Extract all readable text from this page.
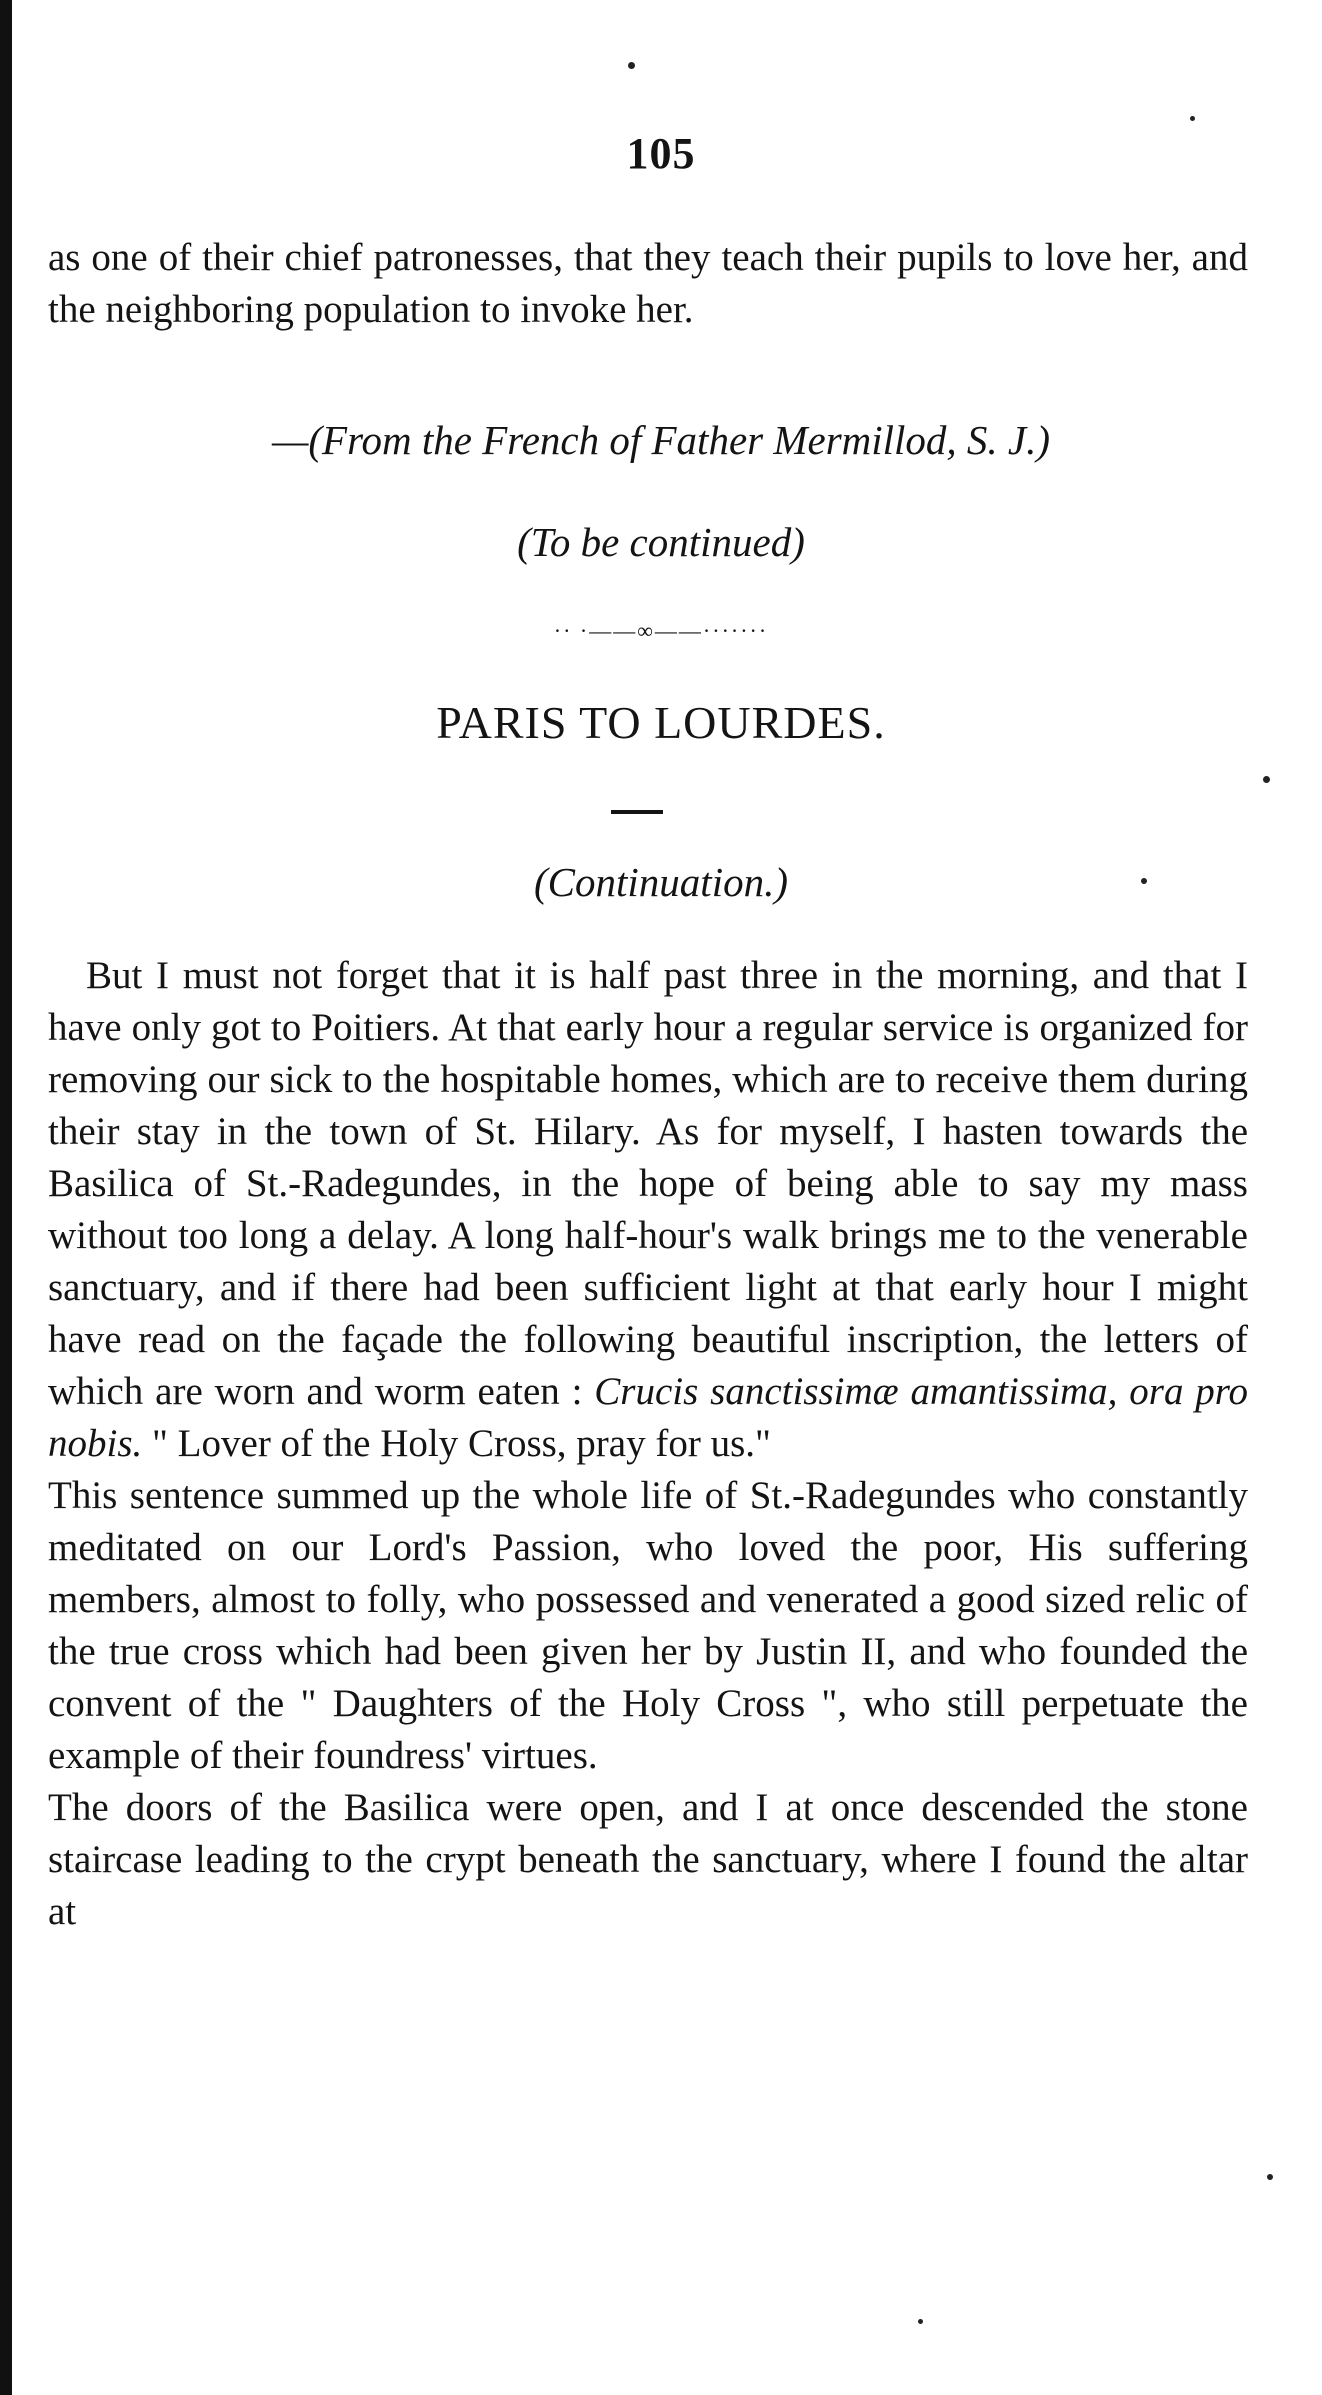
105

as one of their chief patronesses, that they teach their pupils to love her, and the neighboring population to invoke her.

—(From the French of Father Mermillod, S. J.)
(To be continued)
·· ·——∞——·······
PARIS TO LOURDES.
(Continuation.)

But I must not forget that it is half past three in the morning, and that I have only got to Poitiers. At that early hour a regular service is organized for removing our sick to the hospitable homes, which are to receive them during their stay in the town of St. Hilary. As for myself, I hasten towards the Basilica of St.-Radegundes, in the hope of being able to say my mass without too long a delay. A long half-hour's walk brings me to the venerable sanctuary, and if there had been sufficient light at that early hour I might have read on the façade the following beautiful inscription, the letters of which are worn and worm eaten : Crucis sanctissimæ amantissima, ora pro nobis. " Lover of the Holy Cross, pray for us."

This sentence summed up the whole life of St.-Radegundes who constantly meditated on our Lord's Passion, who loved the poor, His suffering members, almost to folly, who possessed and venerated a good sized relic of the true cross which had been given her by Justin II, and who founded the convent of the " Daughters of the Holy Cross ", who still perpetuate the example of their foundress' virtues.

The doors of the Basilica were open, and I at once descended the stone staircase leading to the crypt beneath the sanctuary, where I found the altar at
